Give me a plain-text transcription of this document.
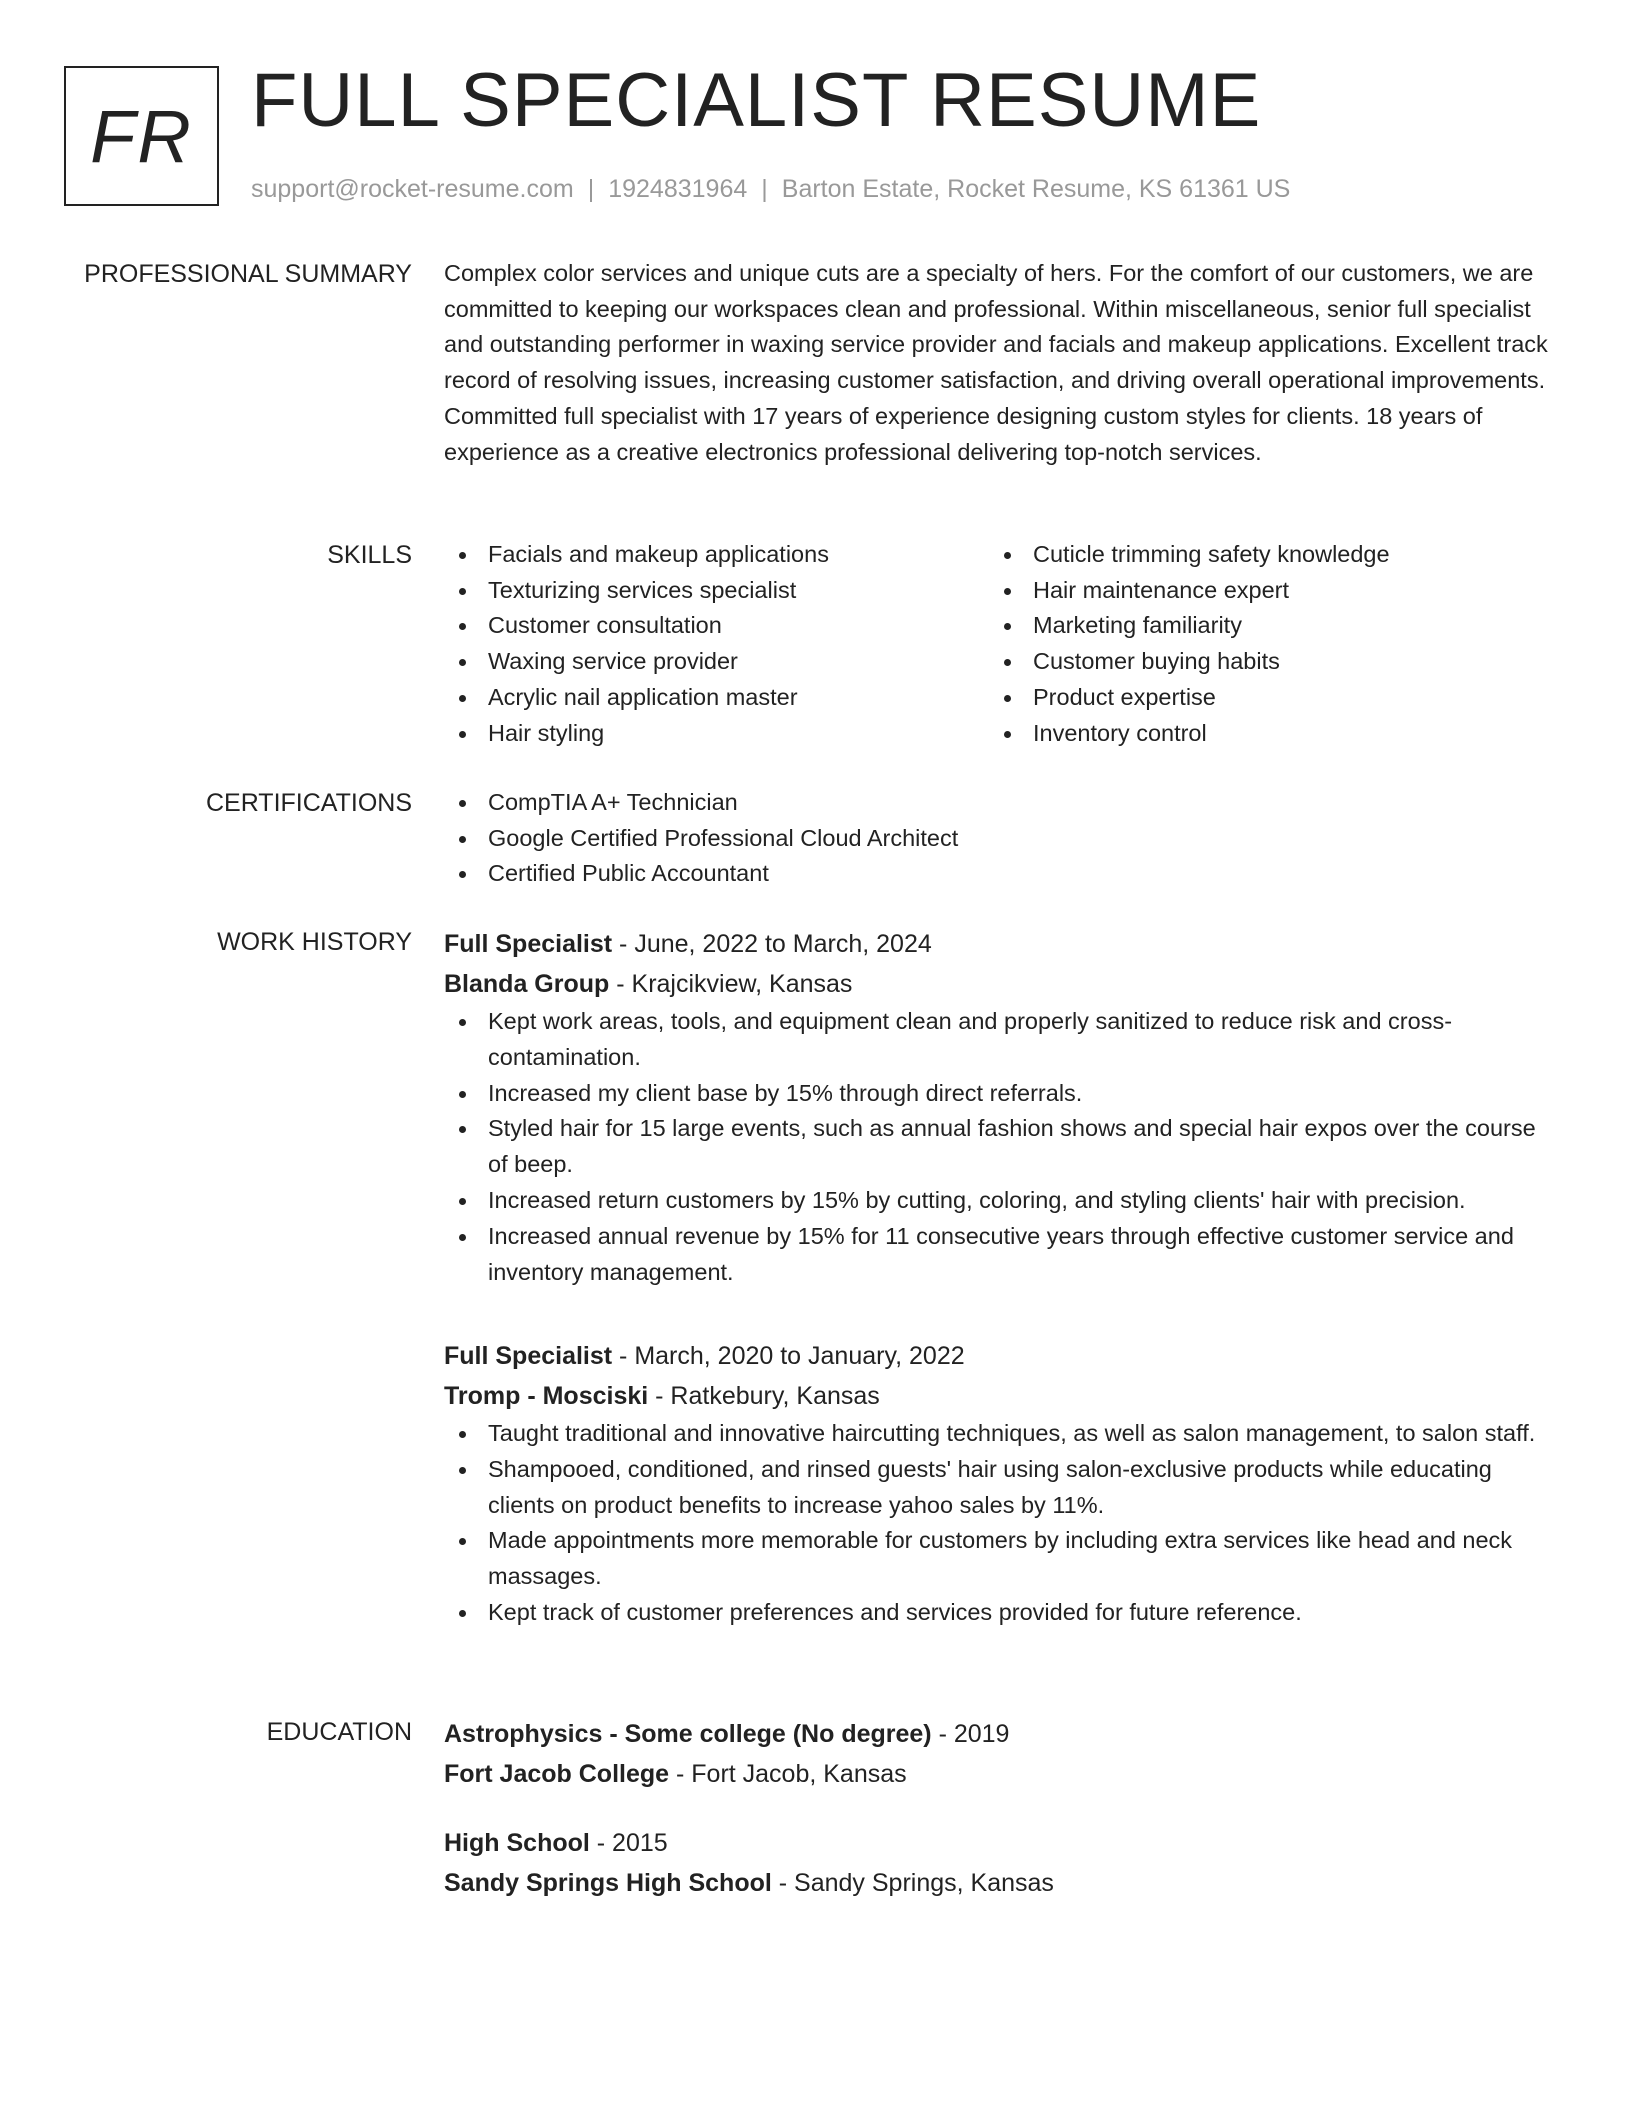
FR FULL SPECIALIST RESUME
support@rocket-resume.com | 1924831964 | Barton Estate, Rocket Resume, KS 61361 US
PROFESSIONAL SUMMARY Complex color services and unique cuts are a specialty of hers. For the comfort of our customers, we are committed to keeping our workspaces clean and professional. Within miscellaneous, senior full specialist and outstanding performer in waxing service provider and facials and makeup applications. Excellent track record of resolving issues, increasing customer satisfaction, and driving overall operational improvements. Committed full specialist with 17 years of experience designing custom styles for clients. 18 years of experience as a creative electronics professional delivering top-notch services.

SKILLS	Facials and makeup applications
Texturizing services specialist
Customer consultation
Waxing service provider
Acrylic nail application master
Hair styling
Cuticle trimming safety knowledge
Hair maintenance expert
Marketing familiarity
Customer buying habits
Product expertise
Inventory control
CERTIFICATIONS	CompTIA A+ Technician
Google Certified Professional Cloud Architect
Certified Public Accountant
WORK HISTORY Full Specialist - June, 2022 to March, 2024
Blanda Group - Krajcikview, Kansas
Kept work areas, tools, and equipment clean and properly sanitized to reduce risk and cross-contamination.
Increased my client base by 15% through direct referrals.
Styled hair for 15 large events, such as annual fashion shows and special hair expos over the course of beep.
Increased return customers by 15% by cutting, coloring, and styling clients' hair with precision.
Increased annual revenue by 15% for 11 consecutive years through effective customer service and inventory management.
Full Specialist - March, 2020 to January, 2022
Tromp - Mosciski - Ratkebury, Kansas
Taught traditional and innovative haircutting techniques, as well as salon management, to salon staff.
Shampooed, conditioned, and rinsed guests' hair using salon-exclusive products while educating clients on product benefits to increase yahoo sales by 11%.
Made appointments more memorable for customers by including extra services like head and neck massages.
Kept track of customer preferences and services provided for future reference.
EDUCATION Astrophysics - Some college (No degree) - 2019
Fort Jacob College - Fort Jacob, Kansas
High School - 2015
Sandy Springs High School - Sandy Springs, Kansas
